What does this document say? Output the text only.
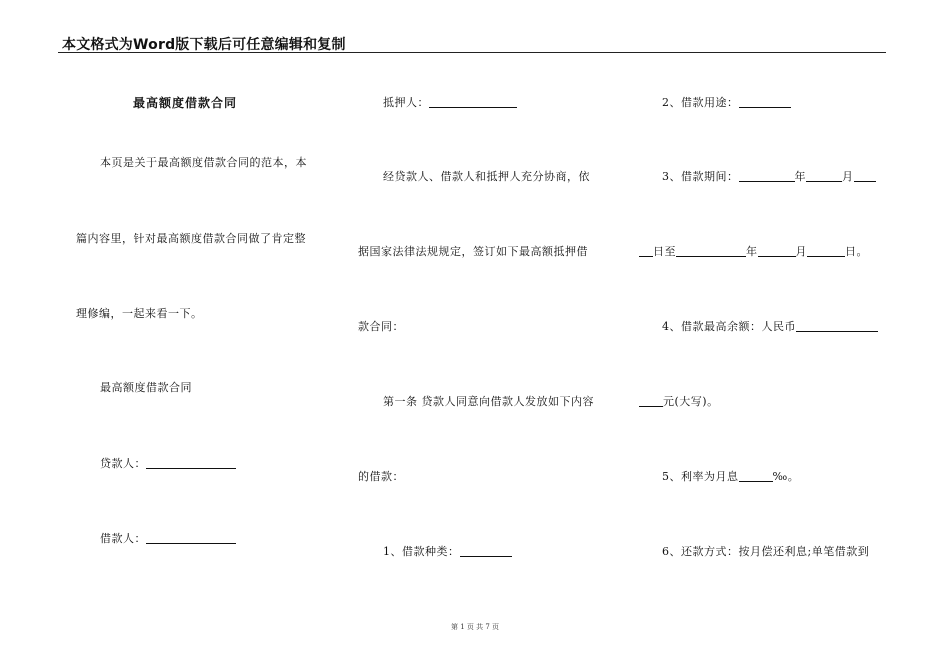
本文格式为Word版下载后可任意编辑和复制
最高额度借款合同
本页是关于最高额度借款合同的范本，本
篇内容里，针对最高额度借款合同做了肯定整
理修编，一起来看一下。
最高额度借款合同
贷款人：
借款人：
抵押人：
经贷款人、借款人和抵押人充分协商，依
据国家法律法规规定，签订如下最高额抵押借
款合同：
第一条 贷款人同意向借款人发放如下内容
的借款：
1、借款种类：
2、借款用途：
3、借款期间：	年	月
日至	年	月	日。
4、借款最高余额：人民币
元(大写)。
5、利率为月息	‰。
6、还款方式：按月偿还利息;单笔借款到
第 1 页 共 7 页
